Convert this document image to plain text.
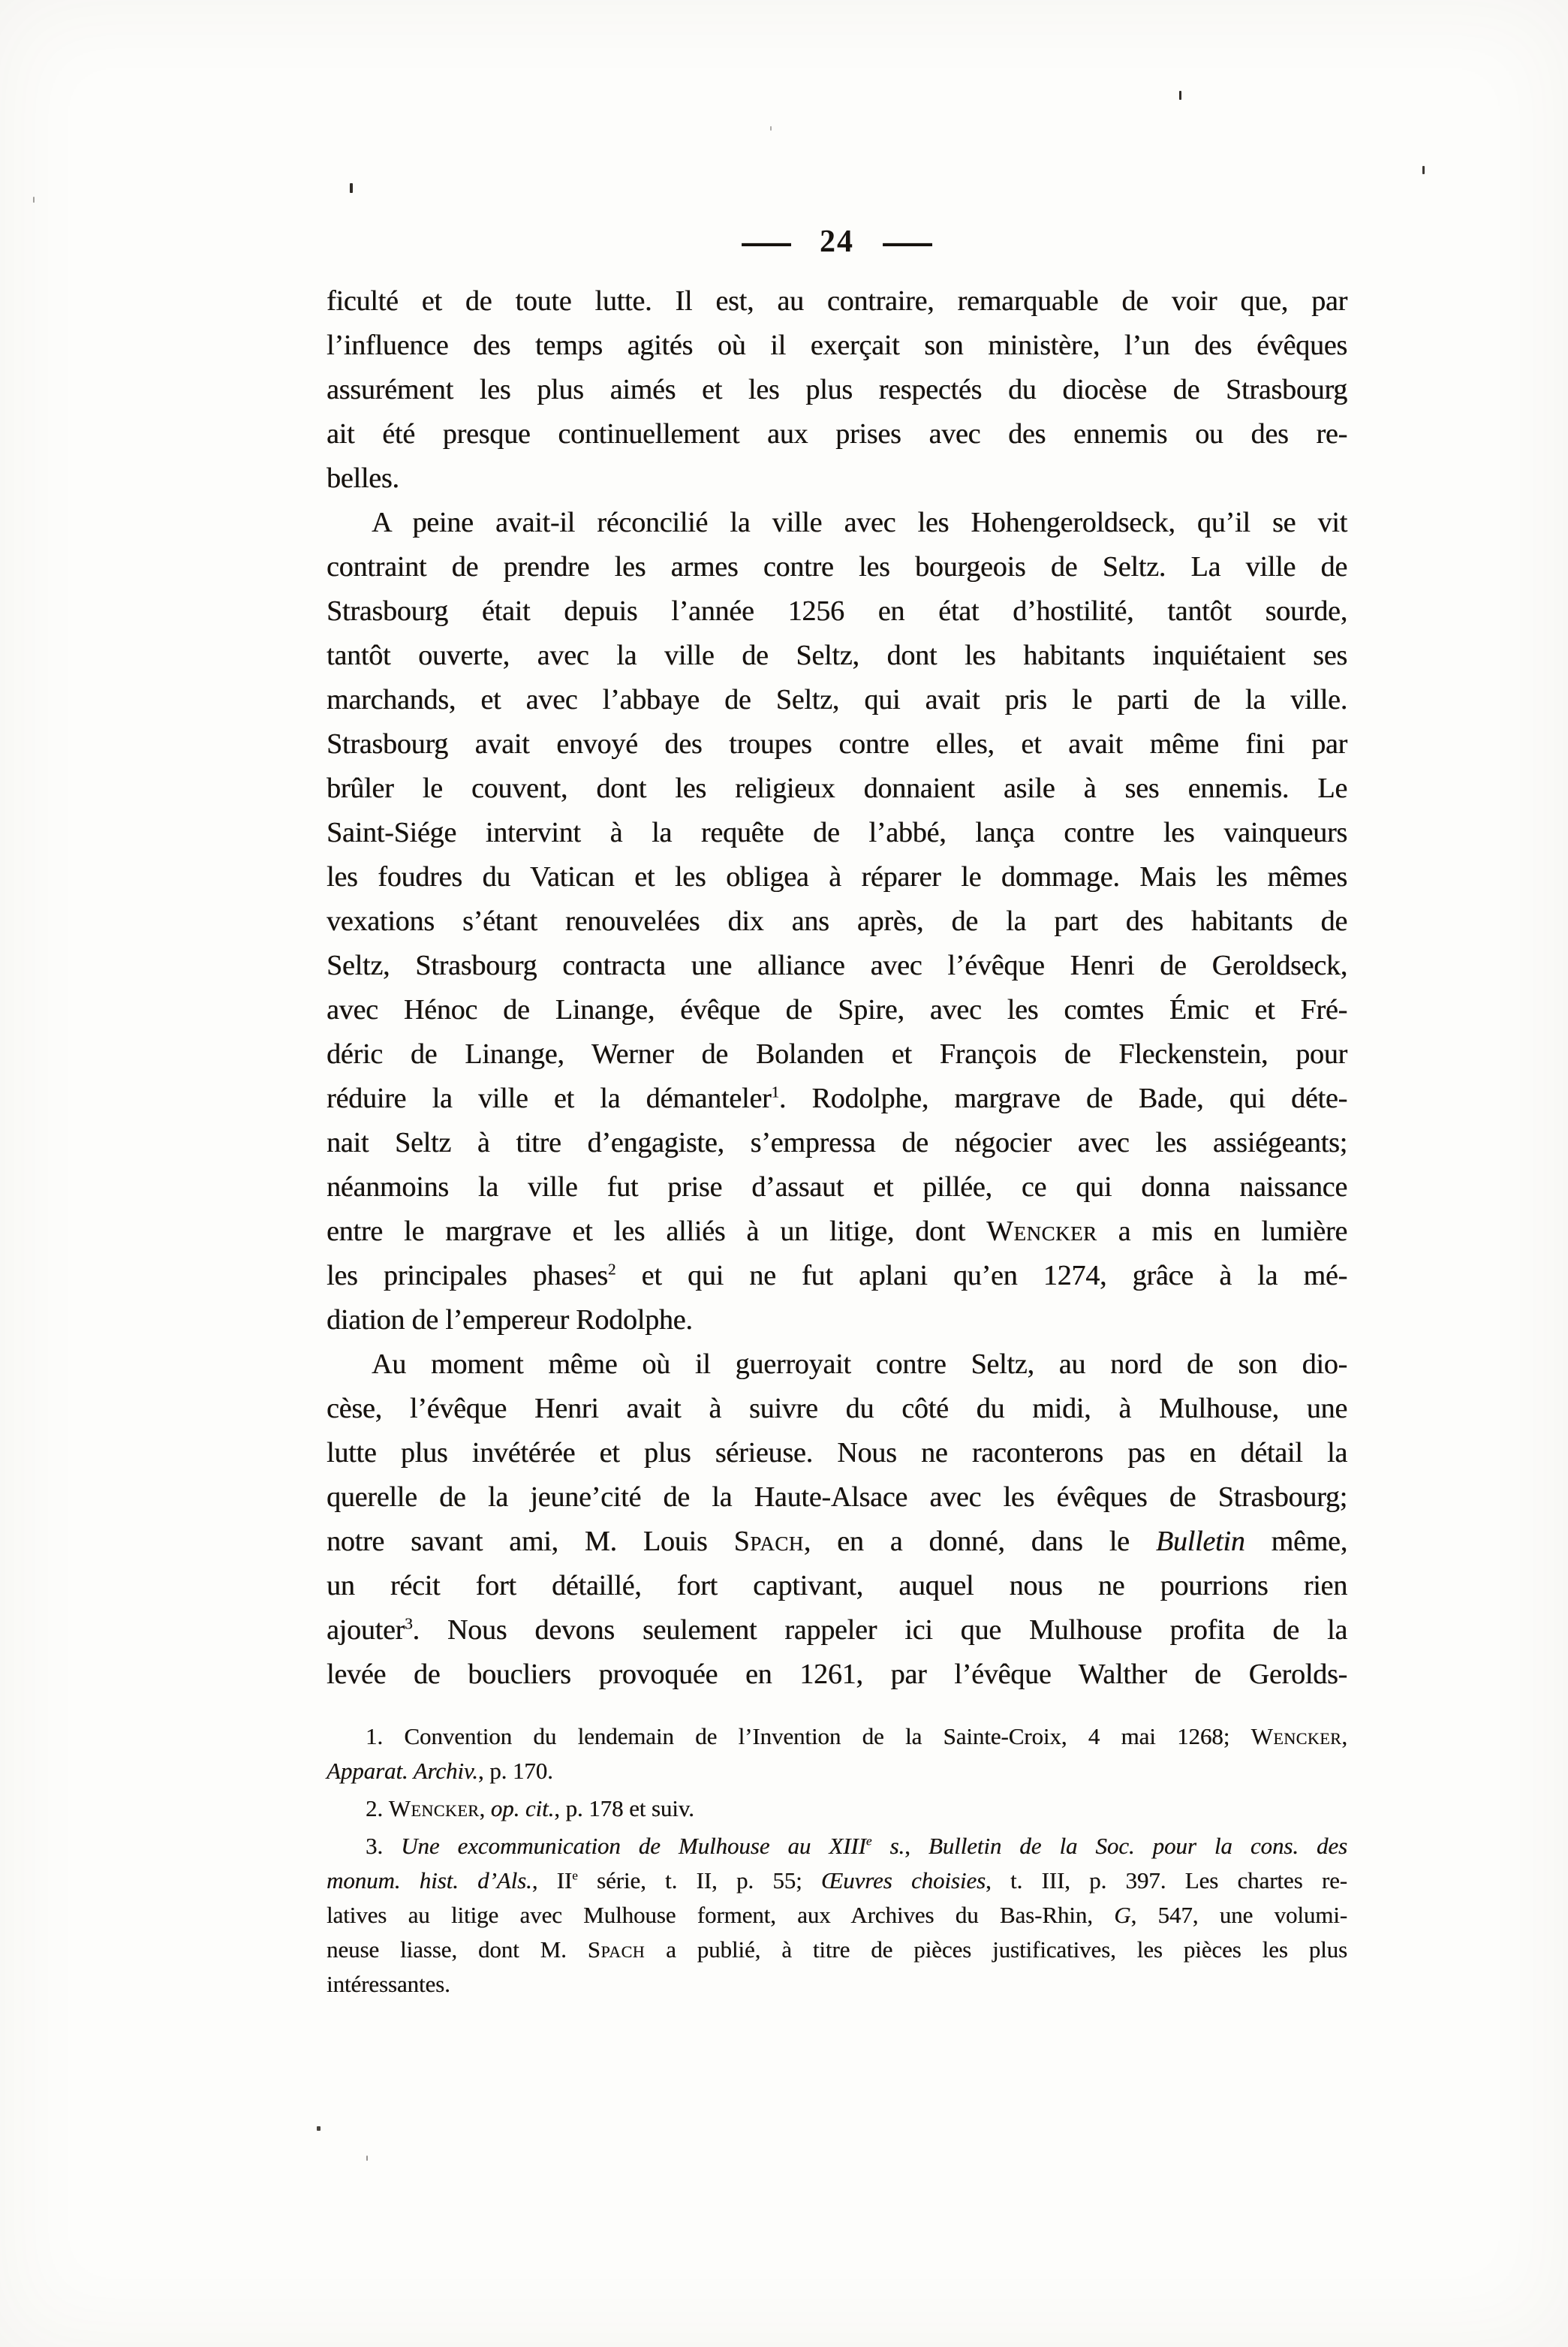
— 24 —
ficulté et de toute lutte. Il est, au contraire, remarquable de voir que, par
l’influence des temps agités où il exerçait son ministère, l’un des évêques
assurément les plus aimés et les plus respectés du diocèse de Strasbourg
ait été presque continuellement aux prises avec des ennemis ou des re-
belles.
A peine avait-il réconcilié la ville avec les Hohengeroldseck, qu’il se vit
contraint de prendre les armes contre les bourgeois de Seltz. La ville de
Strasbourg était depuis l’année 1256 en état d’hostilité, tantôt sourde,
tantôt ouverte, avec la ville de Seltz, dont les habitants inquiétaient ses
marchands, et avec l’abbaye de Seltz, qui avait pris le parti de la ville.
Strasbourg avait envoyé des troupes contre elles, et avait même fini par
brûler le couvent, dont les religieux donnaient asile à ses ennemis. Le
Saint-Siége intervint à la requête de l’abbé, lança contre les vainqueurs
les foudres du Vatican et les obligea à réparer le dommage. Mais les mêmes
vexations s’étant renouvelées dix ans après, de la part des habitants de
Seltz, Strasbourg contracta une alliance avec l’évêque Henri de Geroldseck,
avec Hénoc de Linange, évêque de Spire, avec les comtes Émic et Fré-
déric de Linange, Werner de Bolanden et François de Fleckenstein, pour
réduire la ville et la démanteler$^1$. Rodolphe, margrave de Bade, qui déte-
nait Seltz à titre d’engagiste, s’empressa de négocier avec les assiégeants;
néanmoins la ville fut prise d’assaut et pillée, ce qui donna naissance
entre le margrave et les alliés à un litige, dont Wencker a mis en lumière
les principales phases$^2$ et qui ne fut aplani qu’en 1274, grâce à la mé-
diation de l’empereur Rodolphe.
Au moment même où il guerroyait contre Seltz, au nord de son dio-
cèse, l’évêque Henri avait à suivre du côté du midi, à Mulhouse, une
lutte plus invétérée et plus sérieuse. Nous ne raconterons pas en détail la
querelle de la jeune’cité de la Haute-Alsace avec les évêques de Strasbourg;
notre savant ami, M. Louis Spach, en a donné, dans le Bulletin même,
un récit fort détaillé, fort captivant, auquel nous ne pourrions rien
ajouter$^3$. Nous devons seulement rappeler ici que Mulhouse profita de la
levée de boucliers provoquée en 1261, par l’évêque Walther de Gerolds-
1. Convention du lendemain de l’Invention de la Sainte-Croix, 4 mai 1268; Wencker,
Apparat. Archiv., p. 170.
2. Wencker, op. cit., p. 178 et suiv.
3. Une excommunication de Mulhouse au XIIIe s., Bulletin de la Soc. pour la cons. des
monum. hist. d’Als., IIe série, t. II, p. 55; Œuvres choisies, t. III, p. 397. Les chartes re-
latives au litige avec Mulhouse forment, aux Archives du Bas-Rhin, G, 547, une volumi-
neuse liasse, dont M. Spach a publié, à titre de pièces justificatives, les pièces les plus
intéressantes.
